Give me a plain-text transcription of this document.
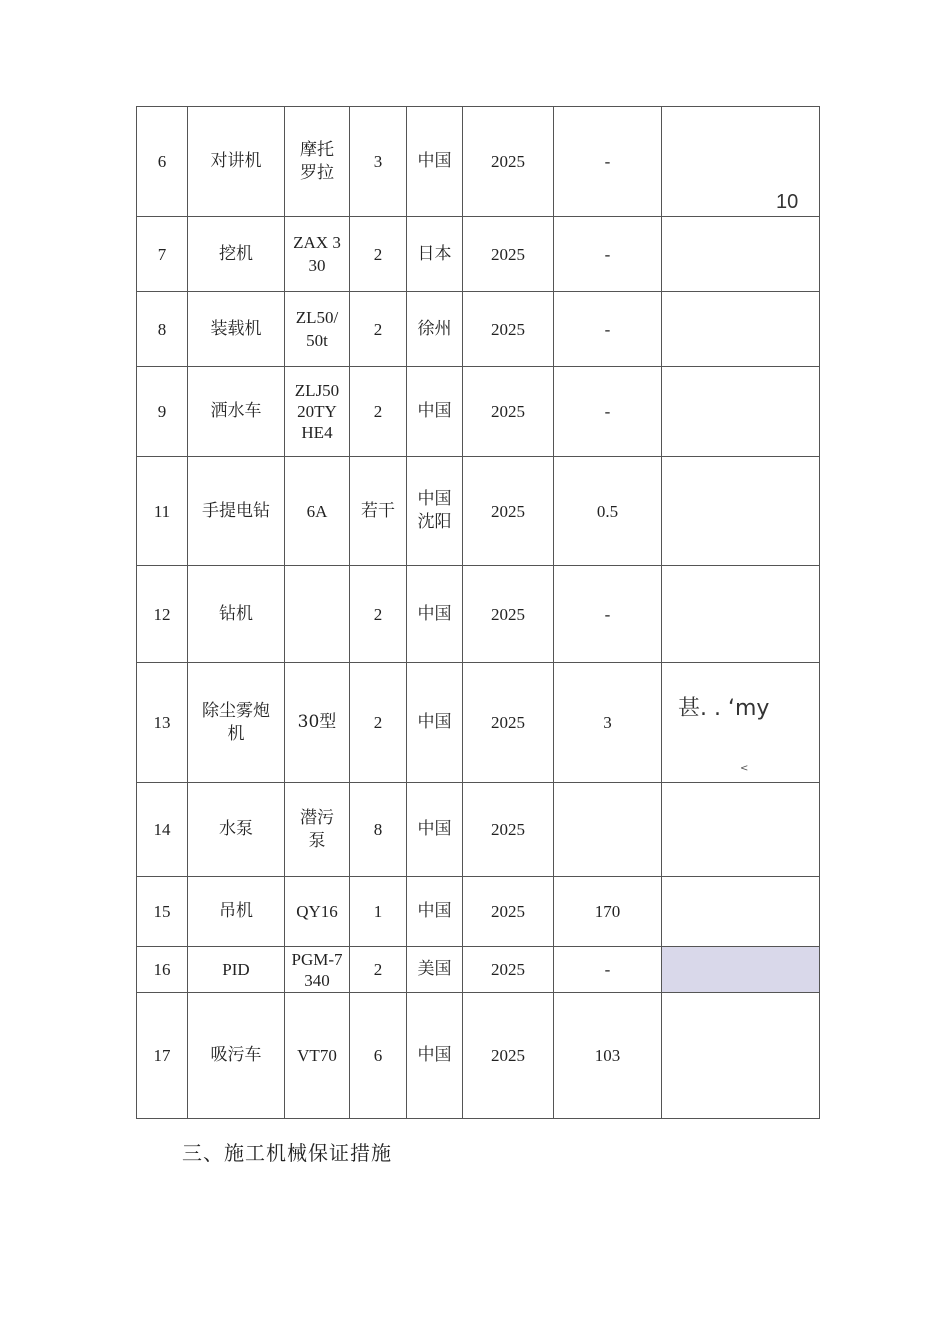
6	对讲机	摩托罗拉	3	中国	2025	-	
7	挖机	ZAX 330	2	日本	2025	-	
8	装载机	ZL50/ 50t	2	徐州	2025	-	
9	洒水车	ZLJ5020TYHE4	2	中国	2025	-	
11	手提电钻	6A	若干	中国沈阳	2025	0.5	
12	钻机		2	中国	2025	-	
13	除尘雾炮机	30型	2	中国	2025	3	甚. . ‘my
<

14	水泵	潜污泵	8	中国	2025		
15	吊机	QY16	1	中国	2025	170	
16	PID	PGM-7340	2	美国	2025	-	
17	吸污车	VT70	6	中国	2025	103	
10
三、施工机械保证措施
